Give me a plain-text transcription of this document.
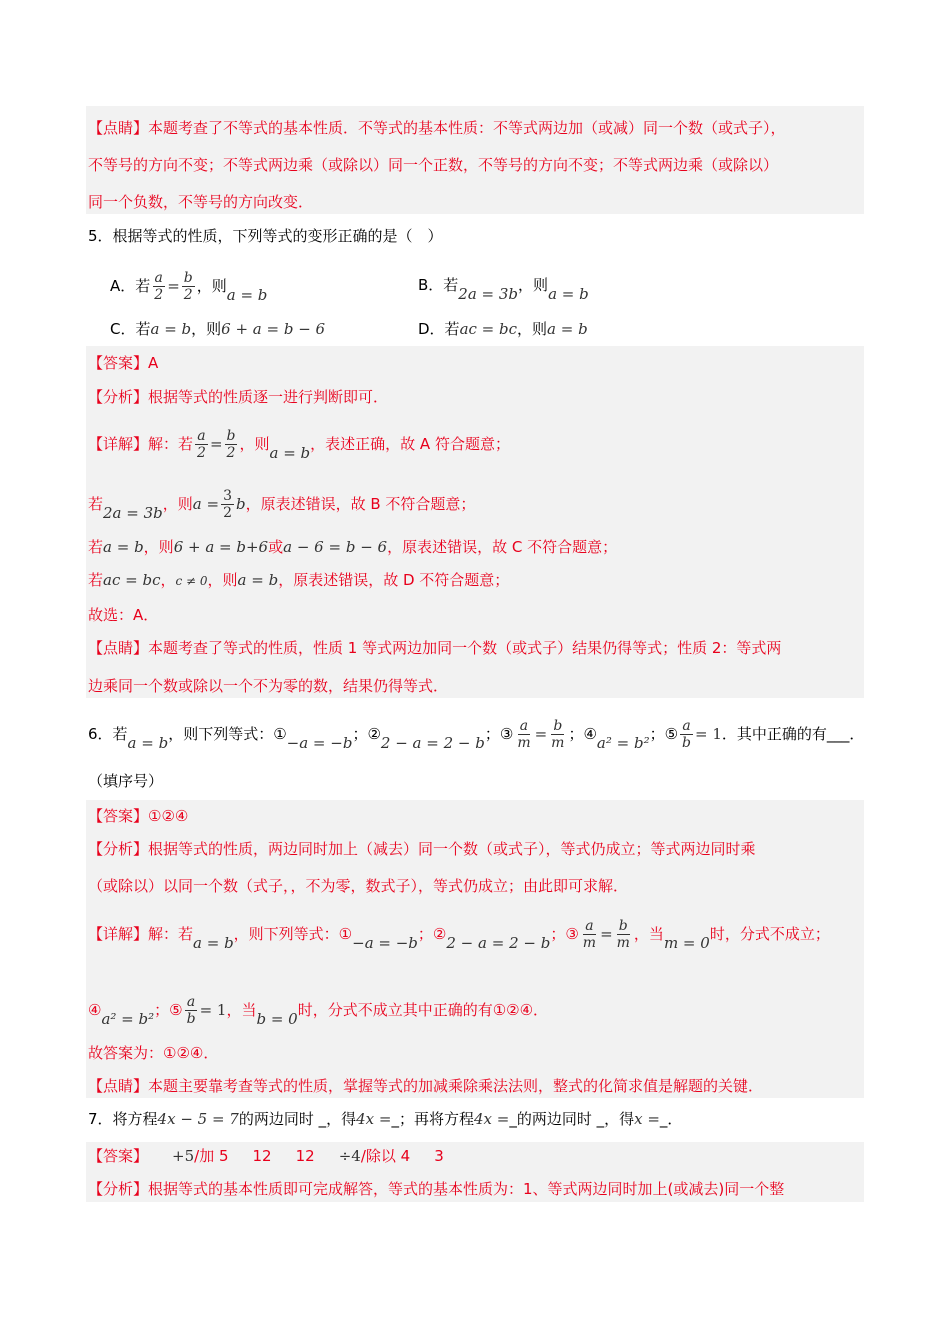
【点睛】本题考查了不等式的基本性质．不等式的基本性质：不等式两边加（或减）同一个数（或式子），
不等号的方向不变；不等式两边乘（或除以）同一个正数，不等号的方向不变；不等式两边乘（或除以）
同一个负数，不等号的方向改变．
5．根据等式的性质，下列等式的变形正确的是（　）
A．若 $\frac{a}{2} = \frac{b}{2}$ ，则a = b
B．若2a = 3b，则a = b
C．若a = b，则6 + a = b − 6	D．若ac = bc，则a = b
【答案】A
【分析】根据等式的性质逐一进行判断即可．
【详解】解：若 $\frac{a}{2} = \frac{b}{2}$ ，则a = b，表述正确，故 A 符合题意；
若2a = 3b，则$a = \frac{3}{2}$ b，原表述错误，故 B 不符合题意；
若a = b，则6 + a = b+6或a − 6 = b − 6，原表述错误，故 C 不符合题意；
若ac = bc，c ≠ 0，则a = b，原表述错误，故 D 不符合题意；
故选：A．
【点睛】本题考查了等式的性质，性质 1 等式两边加同一个数（或式子）结果仍得等式；性质 2：等式两
边乘同一个数或除以一个不为零的数，结果仍得等式．
6．若a = b，则下列等式：①−a = −b；②2 − a = 2 − b；③ $\frac{a}{m} = \frac{b}{m}$ ；④a² = b²；⑤ $\frac{a}{b} = 1$．其中正确的有___．
（填序号）
【答案】①②④
【分析】根据等式的性质，两边同时加上（减去）同一个数（或式子），等式仍成立；等式两边同时乘
（或除以）以同一个数（式子，，不为零，数式子），等式仍成立；由此即可求解．
【详解】解：若a = b，则下列等式：①−a = −b；②2 − a = 2 − b；③ $\frac{a}{m} = \frac{b}{m}$ ，当m = 0时，分式不成立；
④a² = b²；⑤ $\frac{a}{b} = 1$，当b = 0时，分式不成立其中正确的有①②④．
故答案为：①②④．
【点睛】本题主要靠考查等式的性质，掌握等式的加减乘除乘法法则，整式的化简求值是解题的关键．
7．将方程4x − 5 = 7的两边同时 _，得4x =_；再将方程4x =_的两边同时 _，得x =_．
【答案】 +5/加 5 12 12 ÷4/除以 4 3
【分析】根据等式的基本性质即可完成解答，等式的基本性质为：1、等式两边同时加上(或减去)同一个整
